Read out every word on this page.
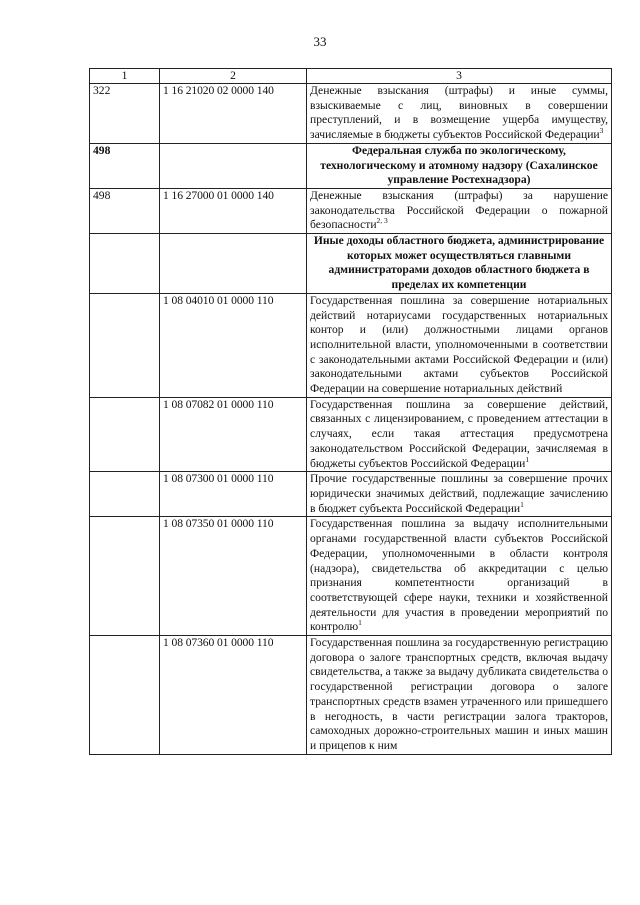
33
1	2	3
322	1 16 21020 02 0000 140	Денежные взыскания (штрафы) и иные суммы, взыскиваемые с лиц, виновных в совершении преступлений, и в возмещение ущерба имуществу, зачисляемые в бюджеты субъектов Российской Федерации$^3$
498		Федеральная служба по экологическому, технологическому и атомному надзору (Сахалинское управление Ростехнадзора)
498	1 16 27000 01 0000 140	Денежные взыскания (штрафы) за нарушение законодательства Российской Федерации о пожарной безопасности$^{2, 3}$
		Иные доходы областного бюджета, администрирование которых может осуществляться главными администраторами доходов областного бюджета в пределах их компетенции
	1 08 04010 01 0000 110	Государственная пошлина за совершение нотариальных действий нотариусами государственных нотариальных контор и (или) должностными лицами органов исполнительной власти, уполномоченными в соответствии с законодательными актами Российской Федерации и (или) законодательными актами субъектов Российской Федерации на совершение нотариальных действий
	1 08 07082 01 0000 110	Государственная пошлина за совершение действий, связанных с лицензированием, с проведением аттестации в случаях, если такая аттестация предусмотрена законодательством Российской Федерации, зачисляемая в бюджеты субъектов Российской Федерации$^1$
	1 08 07300 01 0000 110	Прочие государственные пошлины за совершение прочих юридически значимых действий, подлежащие зачислению в бюджет субъекта Российской Федерации$^1$
	1 08 07350 01 0000 110	Государственная пошлина за выдачу исполнительными органами государственной власти субъектов Российской Федерации, уполномоченными в области контроля (надзора), свидетельства об аккредитации с целью признания компетентности организаций в соответствующей сфере науки, техники и хозяйственной деятельности для участия в проведении мероприятий по контролю$^1$
	1 08 07360 01 0000 110	Государственная пошлина за государственную регистрацию договора о залоге транспортных средств, включая выдачу свидетельства, а также за выдачу дубликата свидетельства о государственной регистрации договора о залоге транспортных средств взамен утраченного или пришедшего в негодность, в части регистрации залога тракторов, самоходных дорожно-строительных машин и иных машин и прицепов к ним
